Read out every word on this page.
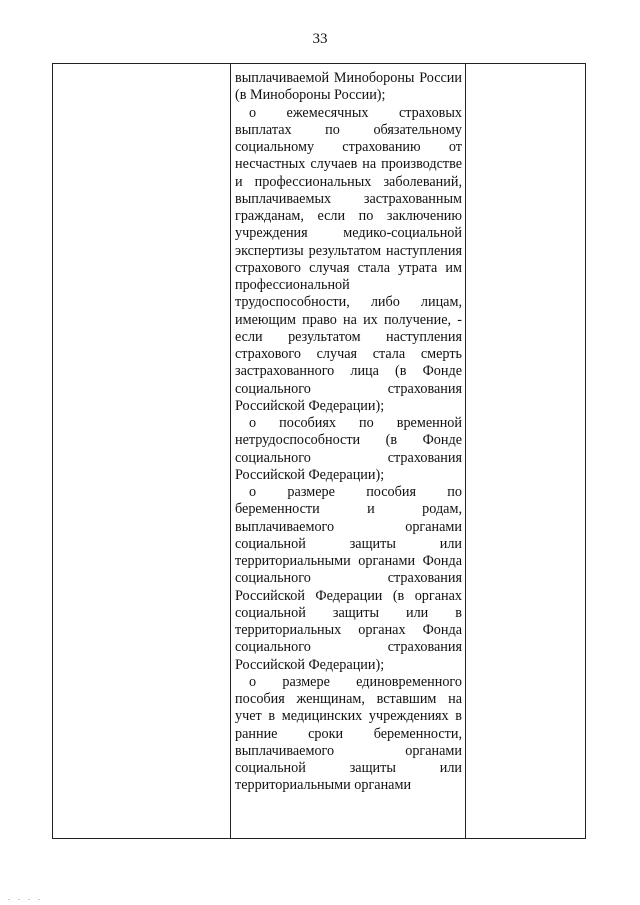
33

выплачиваемой Минобороны России (в Минобороны России);

о ежемесячных страховых выплатах по обязательному социальному страхованию от несчастных случаев на производстве и профессиональных заболеваний, выплачиваемых застрахованным гражданам, если по заключению учреждения медико-социальной экспертизы результатом наступления страхового случая стала утрата им профессиональной трудоспособности, либо лицам, имеющим право на их получение, - если результатом наступления страхового случая стала смерть застрахованного лица (в Фонде социального страхования Российской Федерации);

о пособиях по временной нетрудоспособности (в Фонде социального страхования Российской Федерации);

о размере пособия по беременности и родам, выплачиваемого органами социальной защиты или территориальными органами Фонда социального страхования Российской Федерации (в органах социальной защиты или в территориальных органах Фонда социального страхования Российской Федерации);

о размере единовременного пособия женщинам, вставшим на учет в медицинских учреждениях в ранние сроки беременности, выплачиваемого органами социальной защиты или территориальными органами

. . . .
